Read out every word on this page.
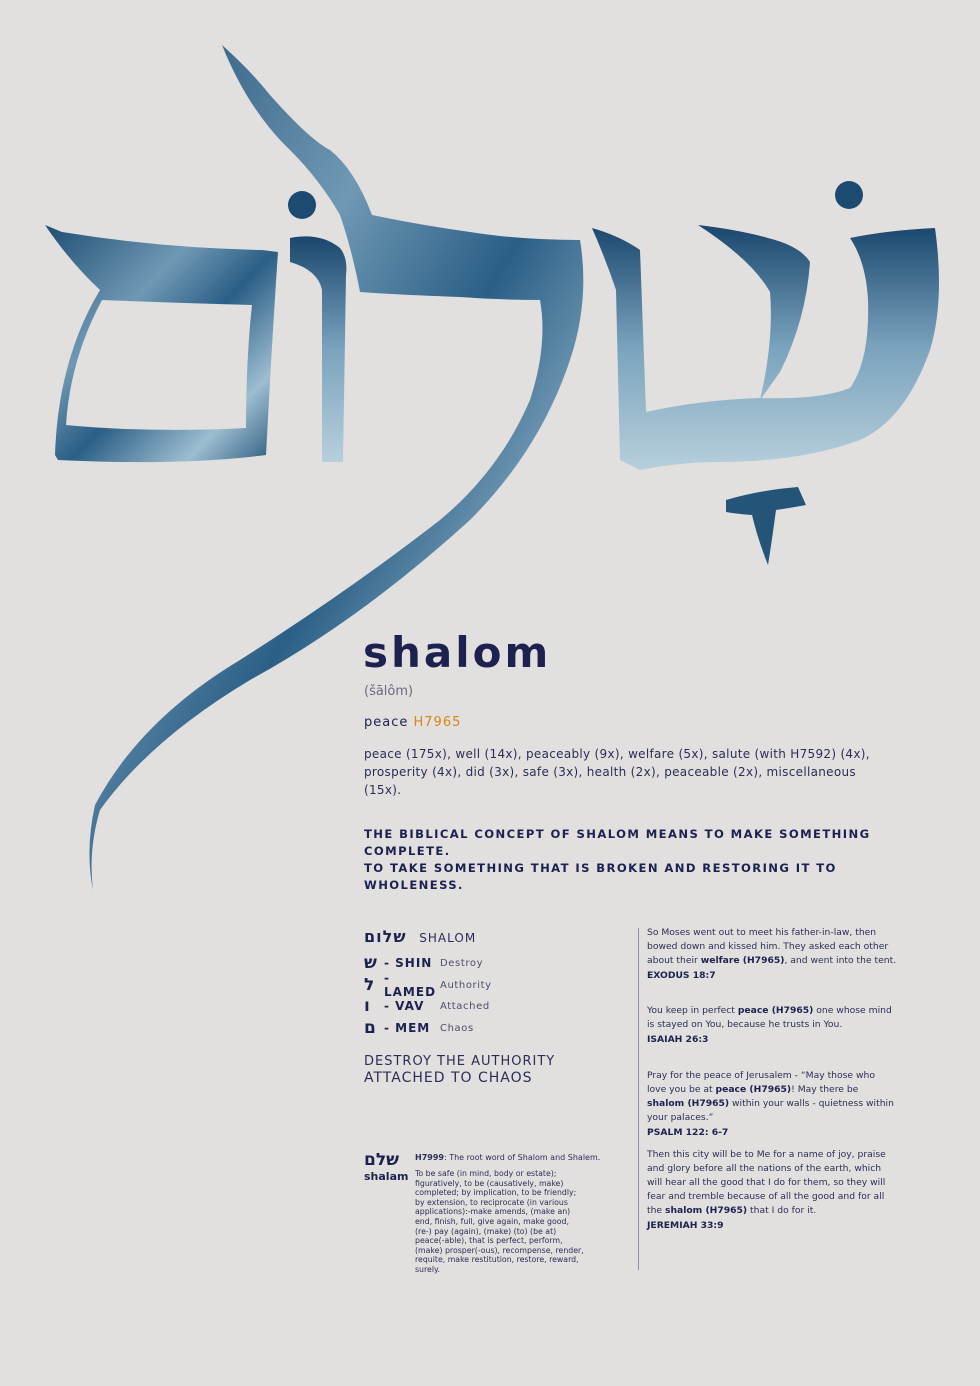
shalom
(šālôm)
peace H7965
peace (175x), well (14x), peaceably (9x), welfare (5x), salute (with H7592) (4x), prosperity (4x), did (3x), safe (3x), health (2x), peaceable (2x), miscellaneous (15x).
THE BIBLICAL CONCEPT OF SHALOM MEANS TO MAKE SOMETHING COMPLETE.
TO TAKE SOMETHING THAT IS BROKEN AND RESTORING IT TO WHOLENESS.
שלום SHALOM
ש - SHIN Destroy
ל - LAMED Authority
ו	- VAV	Attached
ם - MEM Chaos
DESTROY THE AUTHORITY
ATTACHED TO CHAOS
שלם
shalam
H7999: The root word of Shalom and Shalem.
To be safe (in mind, body or estate); figuratively, to be (causatively, make) completed; by implication, to be friendly; by extension, to reciprocate (in various applications):-make amends, (make an) end, finish, full, give again, make good, (re-) pay (again), (make) (to) (be at) peace(-able), that is perfect, perform, (make) prosper(-ous), recompense, render, requite, make restitution, restore, reward, surely.

So Moses went out to meet his father-in-law, then bowed down and kissed him. They asked each other about their welfare (H7965), and went into the tent.

EXODUS 18:7

You keep in perfect peace (H7965) one whose mind is stayed on You, because he trusts in You.

ISAIAH 26:3

Pray for the peace of Jerusalem - “May those who love you be at peace (H7965)! May there be shalom (H7965) within your walls - quietness within your palaces.”

PSALM 122: 6-7

Then this city will be to Me for a name of joy, praise and glory before all the nations of the earth, which will hear all the good that I do for them, so they will fear and tremble because of all the good and for all the shalom (H7965) that I do for it.

JEREMIAH 33:9
